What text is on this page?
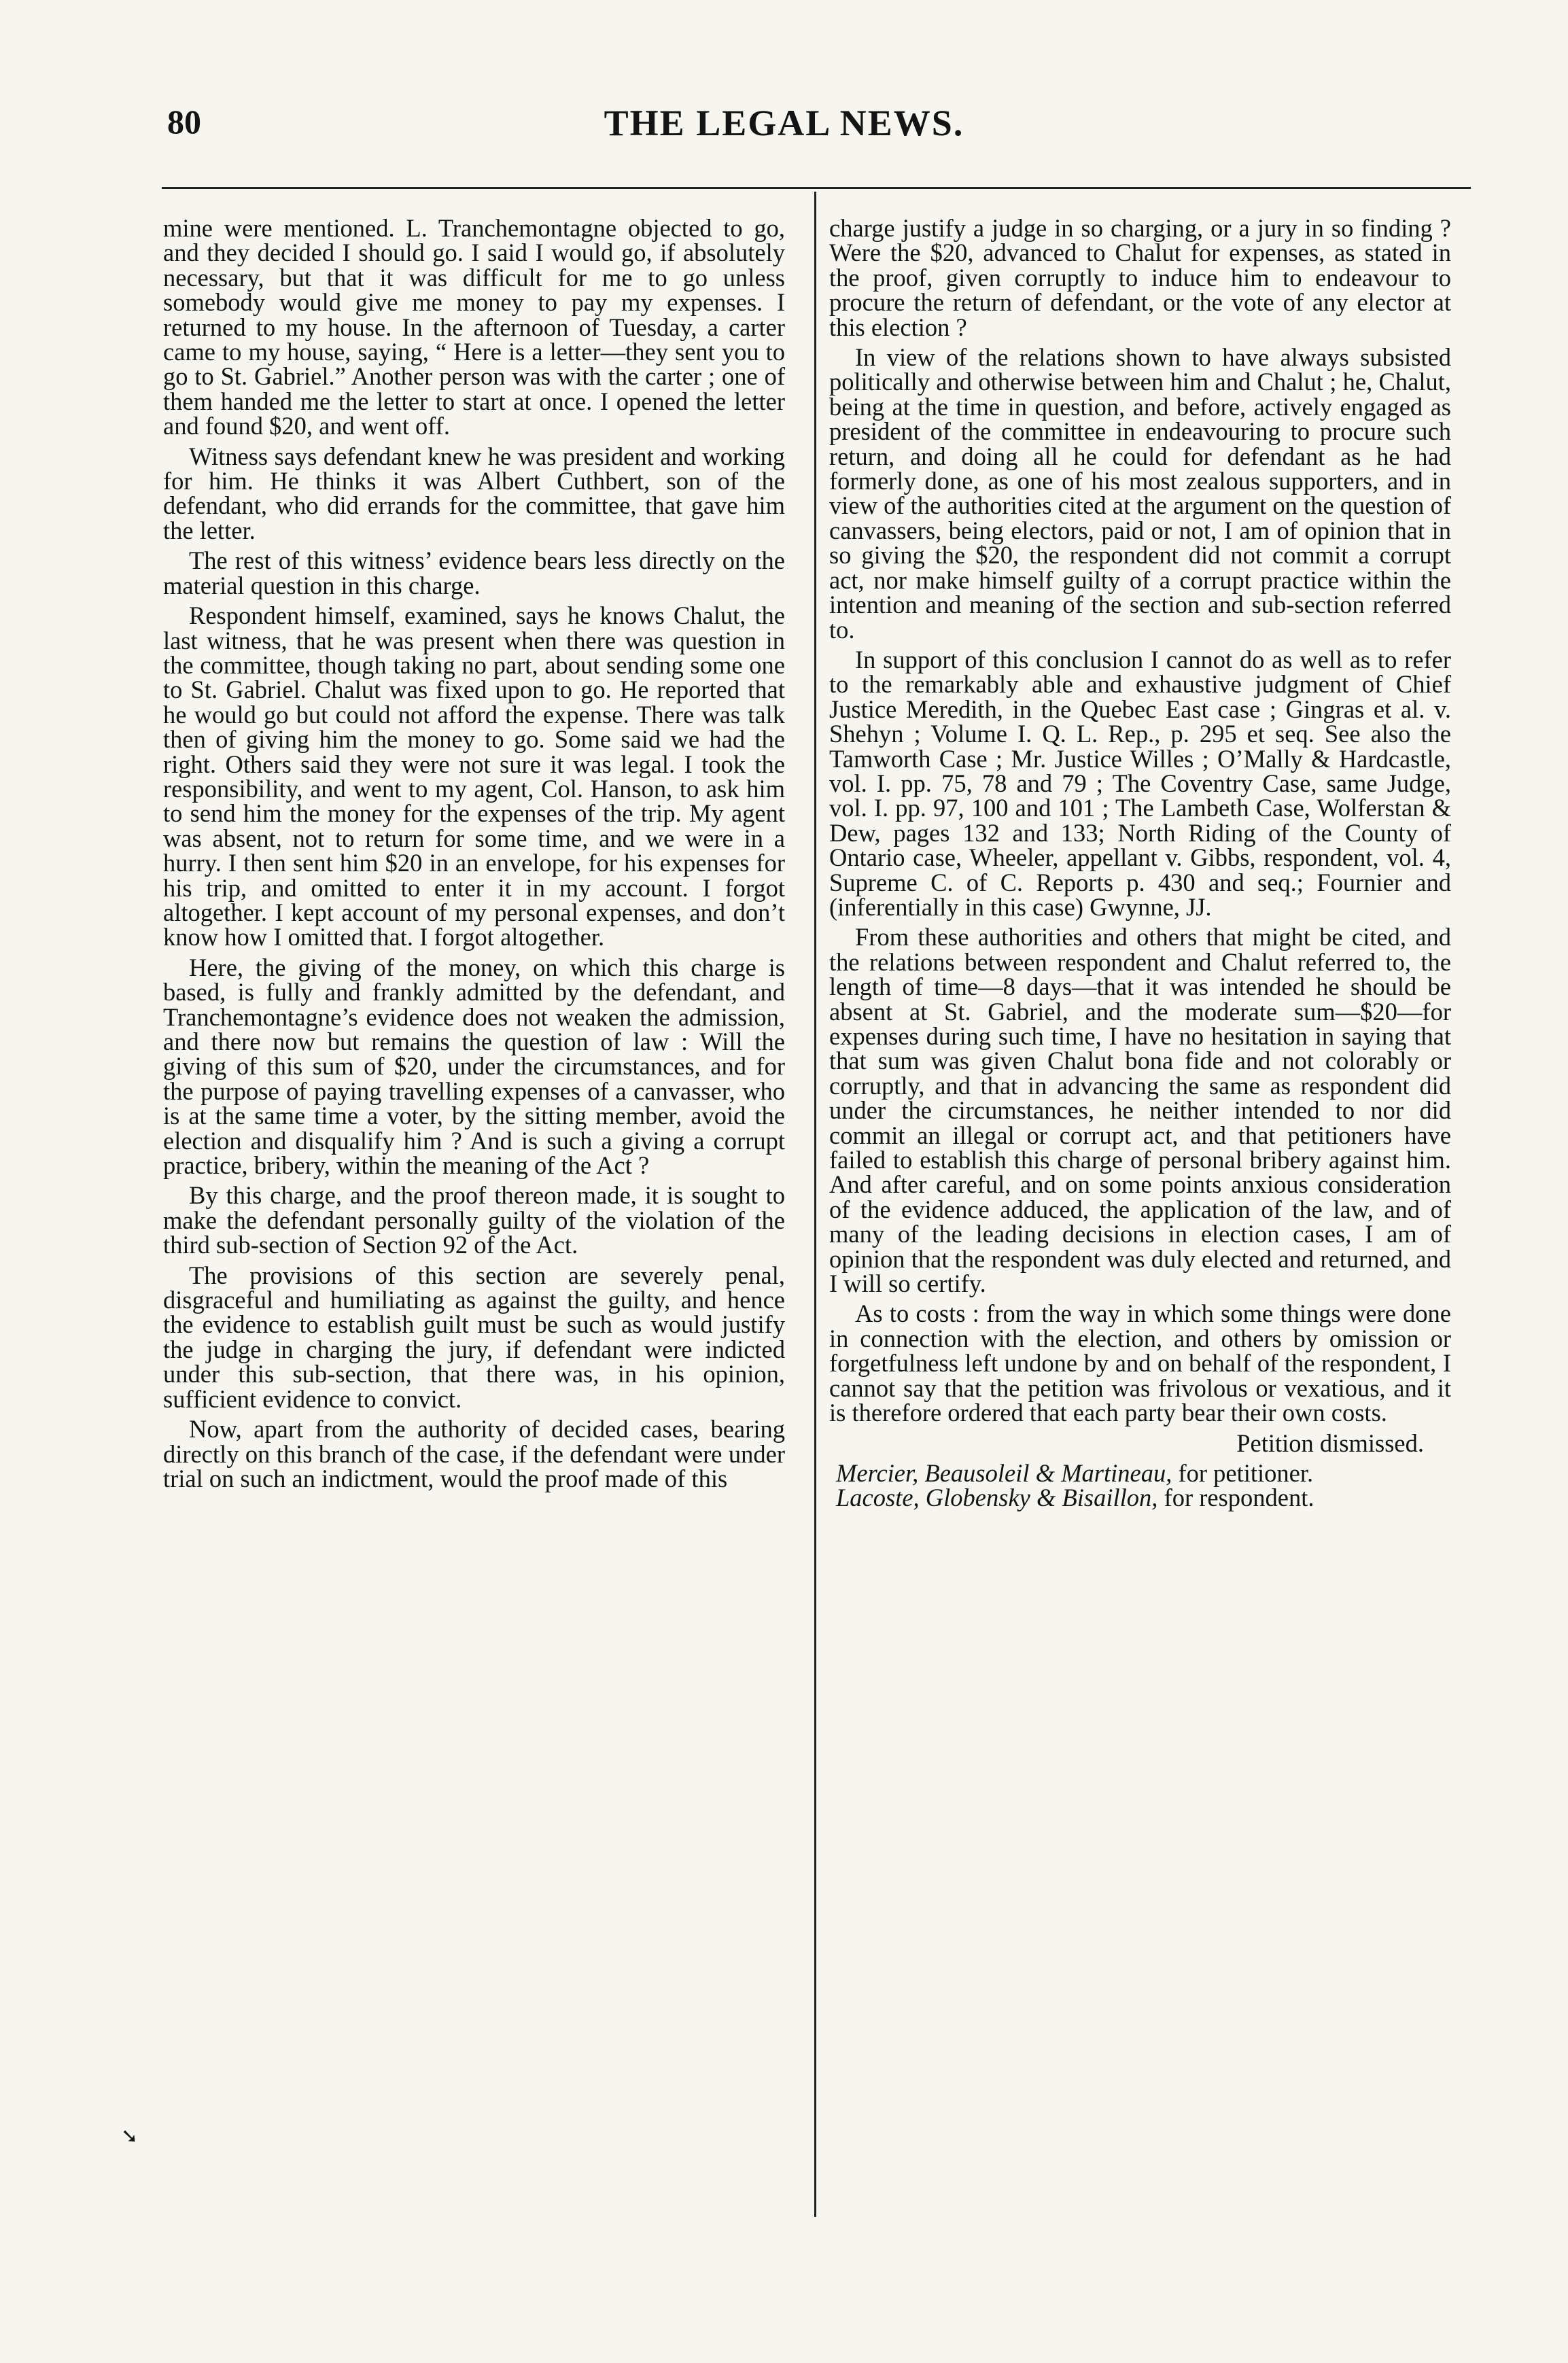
80	THE LEGAL NEWS.
➘

mine were mentioned. L. Tranchemontagne objected to go, and they decided I should go. I said I would go, if absolutely necessary, but that it was difficult for me to go unless somebody would give me money to pay my expenses. I returned to my house. In the afternoon of Tuesday, a carter came to my house, saying, “ Here is a letter—they sent you to go to St. Gabriel.” Another person was with the carter ; one of them handed me the letter to start at once. I opened the letter and found $20, and went off.

Witness says defendant knew he was president and working for him. He thinks it was Albert Cuthbert, son of the defendant, who did errands for the committee, that gave him the letter.

The rest of this witness’ evidence bears less directly on the material question in this charge.

Respondent himself, examined, says he knows Chalut, the last witness, that he was present when there was question in the committee, though taking no part, about sending some one to St. Gabriel. Chalut was fixed upon to go. He reported that he would go but could not afford the expense. There was talk then of giving him the money to go. Some said we had the right. Others said they were not sure it was legal. I took the responsibility, and went to my agent, Col. Hanson, to ask him to send him the money for the expenses of the trip. My agent was absent, not to return for some time, and we were in a hurry. I then sent him $20 in an envelope, for his expenses for his trip, and omitted to enter it in my account. I forgot altogether. I kept account of my personal expenses, and don’t know how I omitted that. I forgot altogether.

Here, the giving of the money, on which this charge is based, is fully and frankly admitted by the defendant, and Tranchemontagne’s evidence does not weaken the admission, and there now but remains the question of law : Will the giving of this sum of $20, under the circumstances, and for the purpose of paying travelling expenses of a canvasser, who is at the same time a voter, by the sitting member, avoid the election and disqualify him ? And is such a giving a corrupt practice, bribery, within the meaning of the Act ?

By this charge, and the proof thereon made, it is sought to make the defendant personally guilty of the violation of the third sub-section of Section 92 of the Act.

The provisions of this section are severely penal, disgraceful and humiliating as against the guilty, and hence the evidence to establish guilt must be such as would justify the judge in charging the jury, if defendant were indicted under this sub-section, that there was, in his opinion, sufficient evidence to convict.

Now, apart from the authority of decided cases, bearing directly on this branch of the case, if the defendant were under trial on such an indictment, would the proof made of this

charge justify a judge in so charging, or a jury in so finding ? Were the $20, advanced to Chalut for expenses, as stated in the proof, given corruptly to induce him to endeavour to procure the return of defendant, or the vote of any elector at this election ?

In view of the relations shown to have always subsisted politically and otherwise between him and Chalut ; he, Chalut, being at the time in question, and before, actively engaged as president of the committee in endeavouring to procure such return, and doing all he could for defendant as he had formerly done, as one of his most zealous supporters, and in view of the authorities cited at the argument on the question of canvassers, being electors, paid or not, I am of opinion that in so giving the $20, the respondent did not commit a corrupt act, nor make himself guilty of a corrupt practice within the intention and meaning of the section and sub-section referred to.

In support of this conclusion I cannot do as well as to refer to the remarkably able and exhaustive judgment of Chief Justice Meredith, in the Quebec East case ; Gingras et al. v. Shehyn ; Volume I. Q. L. Rep., p. 295 et seq. See also the Tamworth Case ; Mr. Justice Willes ; O’Mally & Hardcastle, vol. I. pp. 75, 78 and 79 ; The Coventry Case, same Judge, vol. I. pp. 97, 100 and 101 ; The Lambeth Case, Wolferstan & Dew, pages 132 and 133; North Riding of the County of Ontario case, Wheeler, appellant v. Gibbs, respondent, vol. 4, Supreme C. of C. Reports p. 430 and seq.; Fournier and (inferentially in this case) Gwynne, JJ.

From these authorities and others that might be cited, and the relations between respondent and Chalut referred to, the length of time—8 days—that it was intended he should be absent at St. Gabriel, and the moderate sum—$20—for expenses during such time, I have no hesitation in saying that that sum was given Chalut bona fide and not colorably or corruptly, and that in advancing the same as respondent did under the circumstances, he neither intended to nor did commit an illegal or corrupt act, and that petitioners have failed to establish this charge of personal bribery against him. And after careful, and on some points anxious consideration of the evidence adduced, the application of the law, and of many of the leading decisions in election cases, I am of opinion that the respondent was duly elected and returned, and I will so certify.

As to costs : from the way in which some things were done in connection with the election, and others by omission or forgetfulness left undone by and on behalf of the respondent, I cannot say that the petition was frivolous or vexatious, and it is therefore ordered that each party bear their own costs.

Petition dismissed.

Mercier, Beausoleil & Martineau, for petitioner.

Lacoste, Globensky & Bisaillon, for respondent.
